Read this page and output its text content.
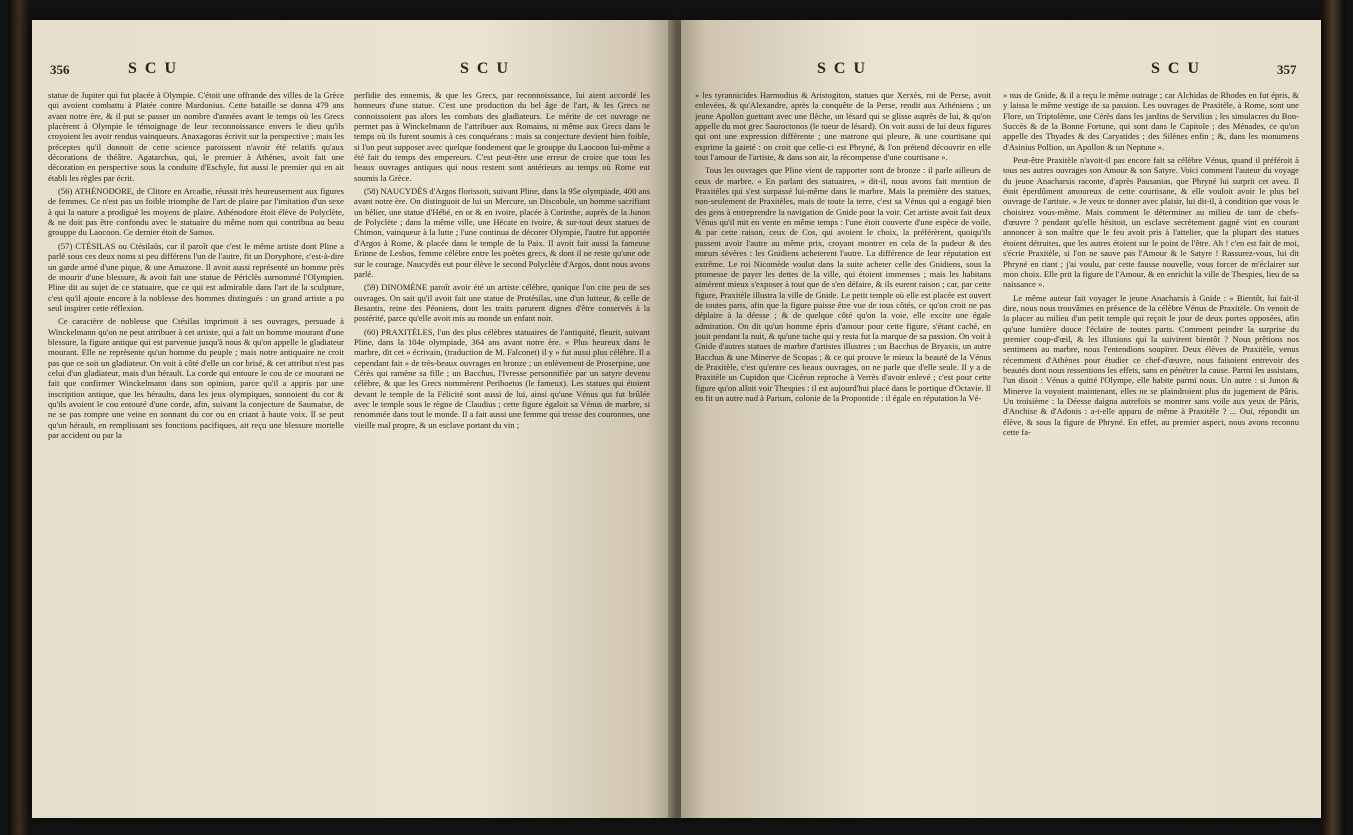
356	S C U	S C U

statue de Jupiter qui fut placée à Olympie. C'étoit une offrande des villes de la Grèce qui avoient combattu à Platée contre Mardonius. Cette bataille se donna 479 ans avant notre ère, & il put se passer un nombre d'années avant le temps où les Grecs placèrent à Olympie le témoignage de leur reconnoissance envers le dieu qu'ils croyoient les avoir rendus vainqueurs. Anaxagoras écrivit sur la perspective ; mais les préceptes qu'il donnoit de cette science paroissent n'avoir été relatifs qu'aux décorations de théâtre. Agatarchus, qui, le premier à Athènes, avoit fait une décoration en perspective sous la conduite d'Eschyle, fut aussi le premier qui en ait établi les règles par écrit.

(56) ATHÉNODORE, de Clitore en Arcadie, réussit très heureusement aux figures de femmes. Ce n'est pas un foible triomphe de l'art de plaire par l'imitation d'un sexe à qui la nature a prodigué les moyens de plaire. Athénodore étoit élève de Polyclète, & ne doit pas être confondu avec le statuaire du même nom qui contribua au beau grouppe du Laocoon. Ce dernier étoit de Samos.

(57) CTÉSILAS ou Ctésilaüs, car il paroît que c'est le même artiste dont Pline a parlé sous ces deux noms si peu différens l'un de l'autre, fit un Doryphore, c'est-à-dire un garde armé d'une pique, & une Amazone. Il avoit aussi représenté un homme près de mourir d'une blessure, & avoit fait une statue de Périclès surnommé l'Olympien. Pline dit au sujet de ce statuaire, que ce qui est admirable dans l'art de la sculpture, c'est qu'il ajoute encore à la noblesse des hommes distingués : un grand artiste a pu seul inspirer cette réflexion.

Ce caractère de noblesse que Ctésilas imprimoit à ses ouvrages, persuade à Winckelmann qu'on ne peut attribuer à cet artiste, qui a fait un homme mourant d'une blessure, la figure antique qui est parvenue jusqu'à nous & qu'on appelle le gladiateur mourant. Elle ne représente qu'un homme du peuple ; mais notre antiquaire ne croit pas que ce soit un gladiateur. On voit à côté d'elle un cor brisé, & cet attribut n'est pas celui d'un gladiateur, mais d'un hérault. La corde qui entoure le cou de ce mourant ne fait que confirmer Winckelmann dans son opinion, parce qu'il a appris par une inscription antique, que les héraults, dans les jeux olympiques, sonnoient du cor & qu'ils avoient le cou entouré d'une corde, afin, suivant la conjecture de Saumaise, de ne se pas rompre une veine en sonnant du cor ou en criant à haute voix. Il se peut qu'un hérault, en remplissant ses fonctions pacifiques, ait reçu une blessure mortelle par accident ou par la

perfidie des ennemis, & que les Grecs, par reconnoissance, lui aient accordé les honneurs d'une statue. C'est une production du bel âge de l'art, & les Grecs ne connoissoient pas alors les combats des gladiateurs. Le mérite de cet ouvrage ne permet pas à Winckelmann de l'attribuer aux Romains, ni même aux Grecs dans le temps où ils furent soumis à ces conquérans : mais sa conjecture devient bien foible, si l'on peut supposer avec quelque fondement que le grouppe du Laocoon lui-même a été fait du temps des empereurs. C'est peut-être une erreur de croire que tous les beaux ouvrages antiques qui nous restent sont antérieurs au temps où Rome eut soumis la Grèce.

(58) NAUCYDÈS d'Argos florissoit, suivant Pline, dans la 95e olympiade, 400 ans avant notre ère. On distinguoit de lui un Mercure, un Discobule, un homme sacrifiant un bélier, une statue d'Hébé, en or & en ivoire, placée à Corinthe, auprès de la Junon de Polyclète ; dans la même ville, une Hécate en ivoire, & sur-tout deux statues de Chimon, vainqueur à la lutte ; l'une continua de décorer Olympie, l'autre fut apportée d'Argos à Rome, & placée dans le temple de la Paix. Il avoit fait aussi la fameuse Erinne de Lesbos, femme célèbre entre les poètes grecs, & dont il ne reste qu'une ode sur le courage. Naucydès eut pour élève le second Polyclète d'Argos, dont nous avons parlé.

(59) DINOMÈNE paroît avoir été un artiste célèbre, quoique l'on cite peu de ses ouvrages. On sait qu'il avoit fait une statue de Protésilas, une d'un lutteur, & celle de Besantis, reine des Péoniens, dont les traits parurent dignes d'être conservés à la postérité, parce qu'elle avoit mis au monde un enfant noir.

(60) PRAXITÈLES, l'un des plus célèbres statuaires de l'antiquité, fleurit, suivant Pline, dans la 104e olympiade, 364 ans avant notre ère. « Plus heureux dans le marbre, dit cet » écrivain, (traduction de M. Falconet) il y » fut aussi plus célèbre. Il a cependant fait » de très-beaux ouvrages en bronze ; un enlèvement de Proserpine, une Cérès qui ramène sa fille ; un Bacchus, l'Ivresse personnifiée par un satyre devenu célèbre, & que les Grecs nommèrent Periboetos (le fameux). Les statues qui étoient devant le temple de la Félicité sont aussi de lui, ainsi qu'une Vénus qui fut brûlée avec le temple sous le règne de Claudius ; cette figure égaloit sa Vénus de marbre, si renommée dans tout le monde. Il a fait aussi une femme qui tresse des couronnes, une vieille mal propre, & un esclave portant du vin ;

S C U	S C U	357

» les tyrannicides Harmodius & Aristogiton, statues que Xerxès, roi de Perse, avoit enlevées, & qu'Alexandre, après la conquête de la Perse, rendit aux Athéniens ; un jeune Apollon guettant avec une flèche, un lésard qui se glisse auprès de lui, & qu'on appelle du mot grec Sauroctonos (le tueur de lésard). On voit aussi de lui deux figures qui ont une expression différente ; une matrone qui pleure, & une courtisane qui exprime la gaieté : on croit que celle-ci est Phryné, & l'on prétend découvrir en elle tout l'amour de l'artiste, & dans son air, la récompense d'une courtisane ».

Tous les ouvrages que Pline vient de rapporter sont de bronze : il parle ailleurs de ceux de marbre. « En parlant des statuaires, » dit-il, nous avons fait mention de Praxitèles qui s'est surpassé lui-même dans le marbre. Mais la première des statues, non-seulement de Praxitèles, mais de toute la terre, c'est sa Vénus qui a engagé bien des gens à entreprendre la navigation de Gnide pour la voir. Cet artiste avoit fait deux Vénus qu'il mit en vente en même temps : l'une étoit couverte d'une espèce de voile, & par cette raison, ceux de Cos, qui avoient le choix, la préférèrent, quoiqu'ils pussent avoir l'autre au même prix, croyant montrer en cela de la pudeur & des mœurs sévères : les Gnidiens acheterent l'autre. La différence de leur réputation est extrême. Le roi Nicomède voulut dans la suite acheter celle des Gnidiens, sous la promesse de payer les dettes de la ville, qui étoient immenses ; mais les habitans aimèrent mieux s'exposer à tout que de s'en défaire, & ils eurent raison ; car, par cette figure, Praxitèle illustra la ville de Gnide. Le petit temple où elle est placée est ouvert de toutes parts, afin que la figure puisse être vue de tous côtés, ce qu'on croit ne pas déplaire à la déesse ; & de quelque côté qu'on la voie, elle excite une égale admiration. On dit qu'un homme épris d'amour pour cette figure, s'étant caché, en jouit pendant la nuit, & qu'une tache qui y resta fut la marque de sa passion. On voit à Gnide d'autres statues de marbre d'artistes illustres ; un Bacchus de Bryaxis, un autre Bacchus & une Minerve de Scopas ; & ce qui prouve le mieux la beauté de la Vénus de Praxitèle, c'est qu'entre ces beaux ouvrages, on ne parle que d'elle seule. Il y a de Praxitèle un Cupidon que Cicéron reproche à Verrès d'avoir enlevé ; c'est pour cette figure qu'on alloit voir Thespies : il est aujourd'hui placé dans le portique d'Octavie. Il en fit un autre nud à Parium, colonie de la Propontide : il égale en réputation la Vé-

» nus de Gnide, & il a reçu le même outrage ; car Alchidas de Rhodes en fut épris, & y laissa le même vestige de sa passion. Les ouvrages de Praxitèle, à Rome, sont une Flore, un Triptolème, une Cérès dans les jardins de Servilius ; les simulacres du Bon-Succès & de la Bonne Fortune, qui sont dans le Capitole ; des Ménades, ce qu'on appelle des Thyades & des Caryatides ; des Silènes enfin ; &, dans les monumens d'Asinius Pollion, un Apollon & un Neptune ».

Peut-être Praxitèle n'avoit-il pas encore fait sa célèbre Vénus, quand il préféroit à tous ses autres ouvrages son Amour & son Satyre. Voici comment l'auteur du voyage du jeune Anacharsis raconte, d'après Pausanias, que Phryné lui surprit cet aveu. Il étoit éperdûment amoureux de cette courtisane, & elle vouloit avoir le plus bel ouvrage de l'artiste. « Je veux te donner avec plaisir, lui dit-il, à condition que vous le choisirez vous-même. Mais comment le déterminer au milieu de tant de chefs-d'œuvre ? pendant qu'elle hésitoit, un esclave secrètement gagné vint en courant annoncer à son maître que le feu avoit pris à l'attelier, que la plupart des statues étoient détruites, que les autres étoient sur le point de l'être. Ah ! c'en est fait de moi, s'écrie Praxitèle, si l'on ne sauve pas l'Amour & le Satyre ! Rassurez-vous, lui dit Phryné en riant ; j'ai voulu, par cette fausse nouvelle, vous forcer de m'éclairer sur mon choix. Elle prit la figure de l'Amour, & en enrichit la ville de Thespies, lieu de sa naissance ».

Le même auteur fait voyager le jeune Anacharsis à Gnide : « Bientôt, lui fait-il dire, nous nous trouvâmes en présence de la célèbre Vénus de Praxitèle. On venoit de la placer au milieu d'un petit temple qui reçoit le jour de deux portes opposées, afin qu'une lumière douce l'éclaire de toutes parts. Comment peindre la surprise du premier coup-d'œil, & les illusions qui la suivirent bientôt ? Nous prêtions nos sentimens au marbre, nous l'entendions soupirer. Deux élèves de Praxitèle, venus récemment d'Athènes pour étudier ce chef-d'œuvre, nous faisoient entrevoir des beautés dont nous ressentions les effets, sans en pénétrer la cause. Parmi les assistans, l'un disoit : Vénus a quitté l'Olympe, elle habite parmi nous. Un autre : si Junon & Minerve la voyoient maintenant, elles ne se plaindroient plus du jugement de Pâris. Un troisième : la Déesse daigna autrefois se montrer sans voile aux yeux de Pâris, d'Anchise & d'Adonis : a-t-elle apparu de même à Praxitèle ? ... Oui, répondit un élève, & sous la figure de Phryné. En effet, au premier aspect, nous avons reconnu cette fa-
